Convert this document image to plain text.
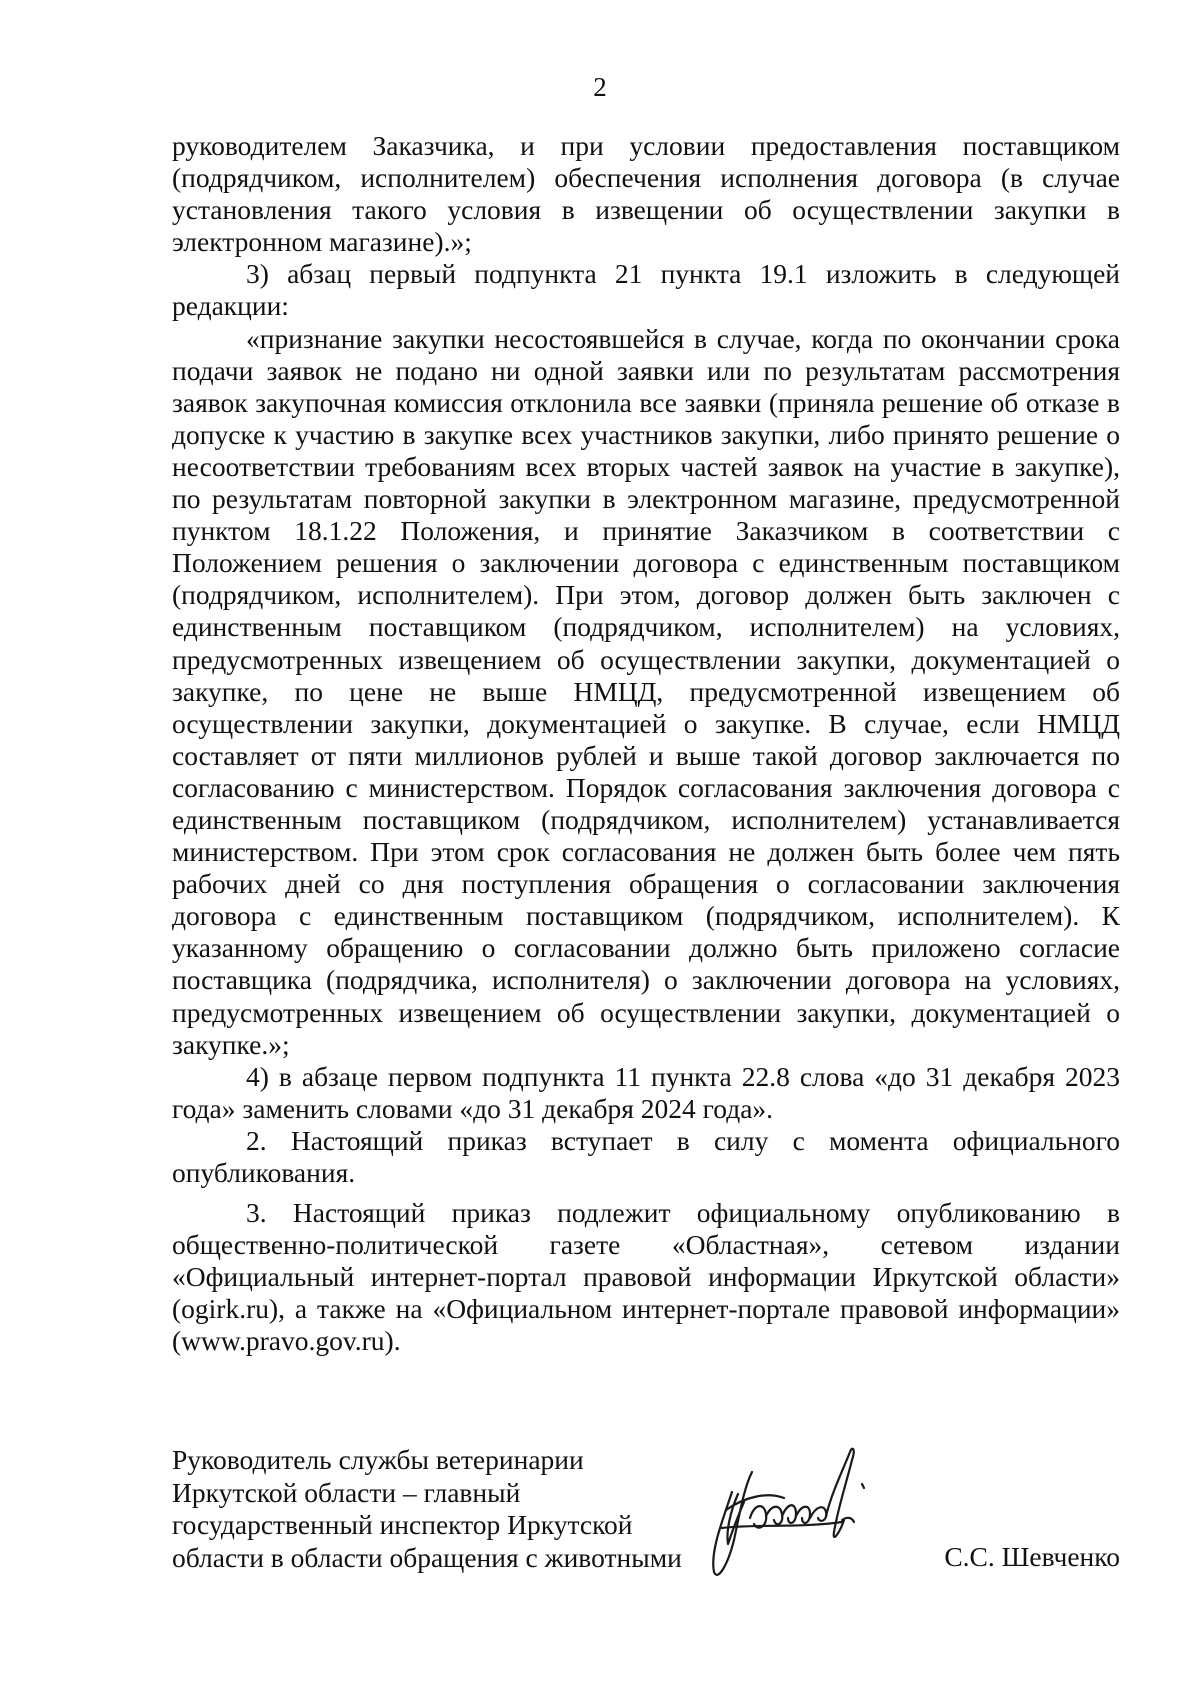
2

руководителем Заказчика, и при условии предоставления поставщиком (подрядчиком, исполнителем) обеспечения исполнения договора (в случае установления такого условия в извещении об осуществлении закупки в электронном магазине).»;

3) абзац первый подпункта 21 пункта 19.1 изложить в следующей редакции:

«признание закупки несостоявшейся в случае, когда по окончании срока подачи заявок не подано ни одной заявки или по результатам рассмотрения заявок закупочная комиссия отклонила все заявки (приняла решение об отказе в допуске к участию в закупке всех участников закупки, либо принято решение о несоответствии требованиям всех вторых частей заявок на участие в закупке), по результатам повторной закупки в электронном магазине, предусмотренной пунктом 18.1.22 Положения, и принятие Заказчиком в соответствии с Положением решения о заключении договора с единственным поставщиком (подрядчиком, исполнителем). При этом, договор должен быть заключен с единственным поставщиком (подрядчиком, исполнителем) на условиях, предусмотренных извещением об осуществлении закупки, документацией о закупке, по цене не выше НМЦД, предусмотренной извещением об осуществлении закупки, документацией о закупке. В случае, если НМЦД составляет от пяти миллионов рублей и выше такой договор заключается по согласованию с министерством. Порядок согласования заключения договора с единственным поставщиком (подрядчиком, исполнителем) устанавливается министерством. При этом срок согласования не должен быть более чем пять рабочих дней со дня поступления обращения о согласовании заключения договора с единственным поставщиком (подрядчиком, исполнителем). К указанному обращению о согласовании должно быть приложено согласие поставщика (подрядчика, исполнителя) о заключении договора на условиях, предусмотренных извещением об осуществлении закупки, документацией о закупке.»;

4) в абзаце первом подпункта 11 пункта 22.8 слова «до 31 декабря 2023 года» заменить словами «до 31 декабря 2024 года».

2. Настоящий приказ вступает в силу с момента официального опубликования.

3. Настоящий приказ подлежит официальному опубликованию в общественно-политической газете «Областная», сетевом издании «Официальный интернет-портал правовой информации Иркутской области» (ogirk.ru), а также на «Официальном интернет-портале правовой информации» (www.pravo.gov.ru).

Руководитель службы ветеринарии
Иркутской области – главный
государственный инспектор Иркутской
области в области обращения с животными	С.С. Шевченко
